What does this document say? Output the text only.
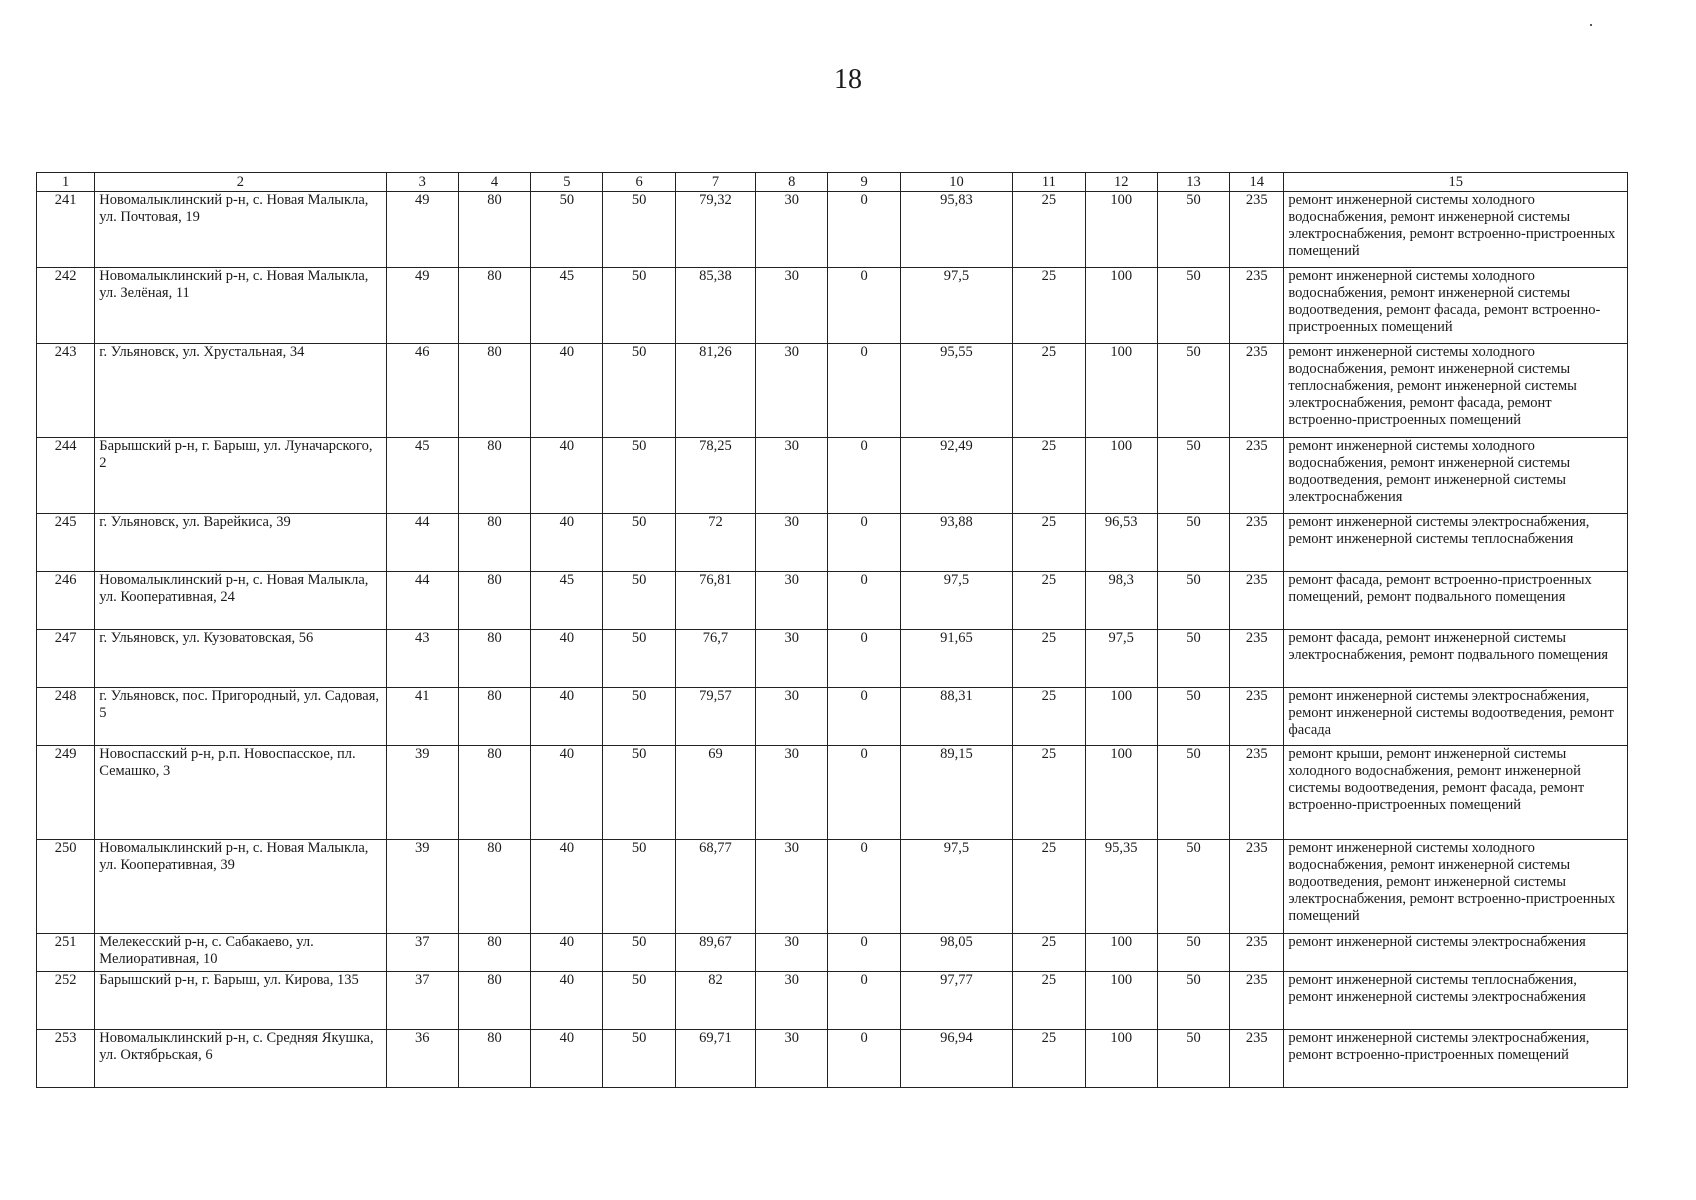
18
1	2	3	4	5	6	7	8	9	10	11	12	13	14	15
241	Новомалыклинский р-н, с. Новая Малыкла, ул. Почтовая, 19	49	80	50	50	79,32	30	0	95,83	25	100	50	235	ремонт инженерной системы холодного водоснабжения, ремонт инженерной системы электроснабжения, ремонт встроенно-пристроенных помещений
242	Новомалыклинский р-н, с. Новая Малыкла, ул. Зелёная, 11	49	80	45	50	85,38	30	0	97,5	25	100	50	235	ремонт инженерной системы холодного водоснабжения, ремонт инженерной системы водоотведения, ремонт фасада, ремонт встроенно-пристроенных помещений
243	г. Ульяновск, ул. Хрустальная, 34	46	80	40	50	81,26	30	0	95,55	25	100	50	235	ремонт инженерной системы холодного водоснабжения, ремонт инженерной системы теплоснабжения, ремонт инженерной системы электроснабжения, ремонт фасада, ремонт встроенно-пристроенных помещений
244	Барышский р-н, г. Барыш, ул. Луначарского, 2	45	80	40	50	78,25	30	0	92,49	25	100	50	235	ремонт инженерной системы холодного водоснабжения, ремонт инженерной системы водоотведения, ремонт инженерной системы электроснабжения
245	г. Ульяновск, ул. Варейкиса, 39	44	80	40	50	72	30	0	93,88	25	96,53	50	235	ремонт инженерной системы электроснабжения, ремонт инженерной системы теплоснабжения
246	Новомалыклинский р-н, с. Новая Малыкла, ул. Кооперативная, 24	44	80	45	50	76,81	30	0	97,5	25	98,3	50	235	ремонт фасада, ремонт встроенно-пристроенных помещений, ремонт подвального помещения
247	г. Ульяновск, ул. Кузоватовская, 56	43	80	40	50	76,7	30	0	91,65	25	97,5	50	235	ремонт фасада, ремонт инженерной системы электроснабжения, ремонт подвального помещения
248	г. Ульяновск, пос. Пригородный, ул. Садовая, 5	41	80	40	50	79,57	30	0	88,31	25	100	50	235	ремонт инженерной системы электроснабжения, ремонт инженерной системы водоотведения, ремонт фасада
249	Новоспасский р-н, р.п. Новоспасское, пл. Семашко, 3	39	80	40	50	69	30	0	89,15	25	100	50	235	ремонт крыши, ремонт инженерной системы холодного водоснабжения, ремонт инженерной системы водоотведения, ремонт фасада, ремонт встроенно-пристроенных помещений
250	Новомалыклинский р-н, с. Новая Малыкла, ул. Кооперативная, 39	39	80	40	50	68,77	30	0	97,5	25	95,35	50	235	ремонт инженерной системы холодного водоснабжения, ремонт инженерной системы водоотведения, ремонт инженерной системы электроснабжения, ремонт встроенно-пристроенных помещений
251	Мелекесский р-н, с. Сабакаево, ул. Мелиоративная, 10	37	80	40	50	89,67	30	0	98,05	25	100	50	235	ремонт инженерной системы электроснабжения
252	Барышский р-н, г. Барыш, ул. Кирова, 135	37	80	40	50	82	30	0	97,77	25	100	50	235	ремонт инженерной системы теплоснабжения, ремонт инженерной системы электроснабжения
253	Новомалыклинский р-н, с. Средняя Якушка, ул. Октябрьская, 6	36	80	40	50	69,71	30	0	96,94	25	100	50	235	ремонт инженерной системы электроснабжения, ремонт встроенно-пристроенных помещений
